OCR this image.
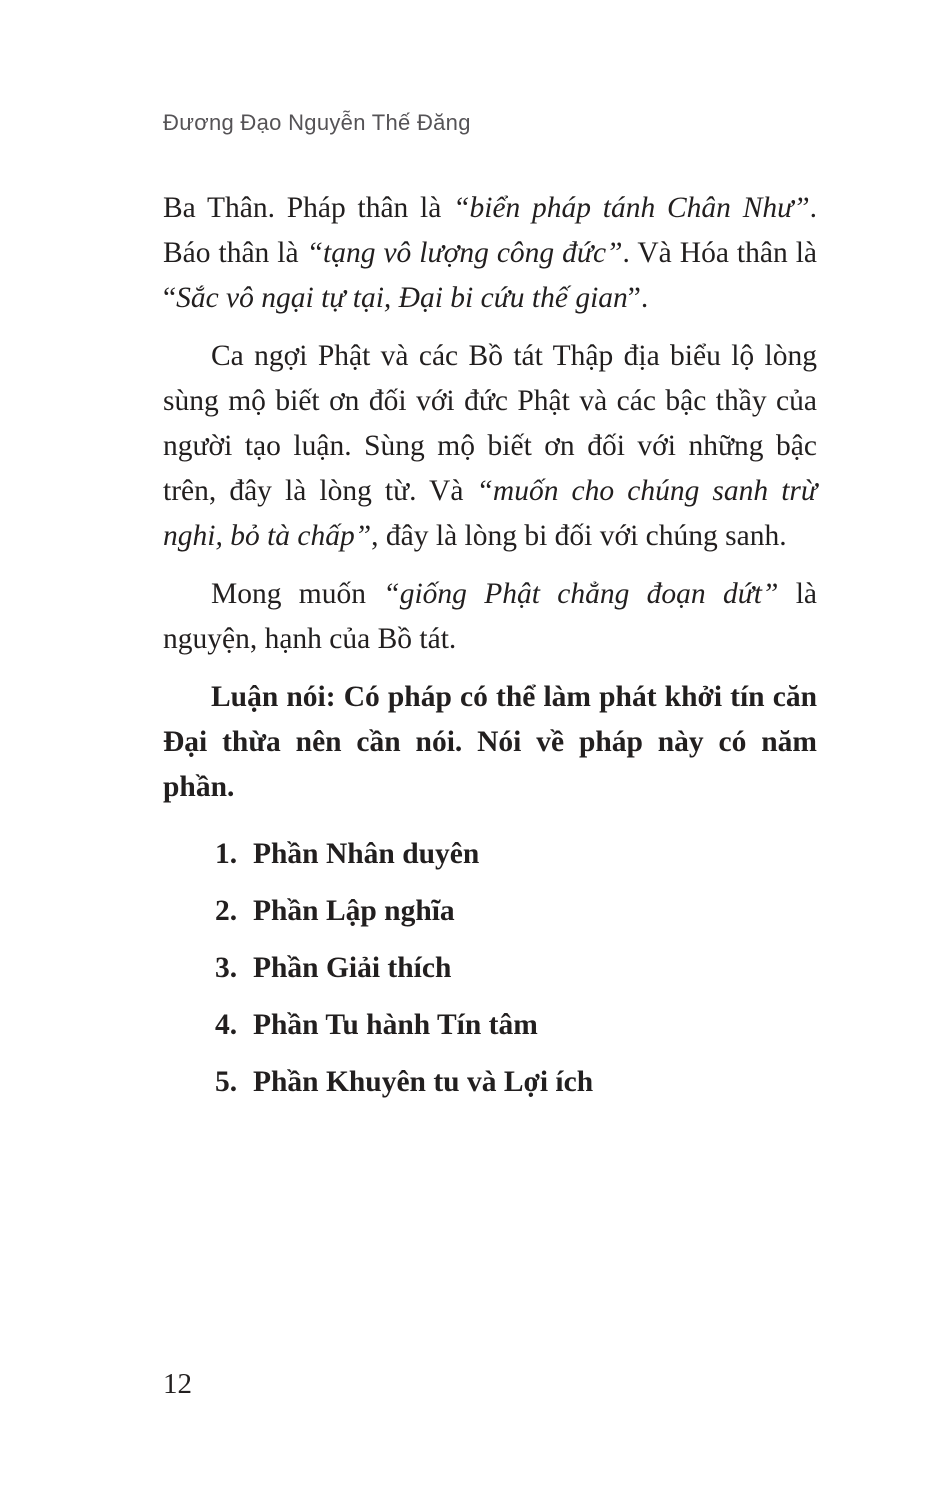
Đương Đạo Nguyễn Thế Đăng

Ba Thân. Pháp thân là “biển pháp tánh Chân Như”. Báo thân là “tạng vô lượng công đức”. Và Hóa thân là “Sắc vô ngại tự tại, Đại bi cứu thế gian”.

Ca ngợi Phật và các Bồ tát Thập địa biểu lộ lòng sùng mộ biết ơn đối với đức Phật và các bậc thầy của người tạo luận. Sùng mộ biết ơn đối với những bậc trên, đây là lòng từ. Và “muốn cho chúng sanh trừ nghi, bỏ tà chấp”, đây là lòng bi đối với chúng sanh.

Mong muốn “giống Phật chẳng đoạn dứt” là nguyện, hạnh của Bồ tát.

Luận nói: Có pháp có thể làm phát khởi tín căn Đại thừa nên cần nói. Nói về pháp này có năm phần.

1. Phần Nhân duyên
2. Phần Lập nghĩa
3. Phần Giải thích
4. Phần Tu hành Tín tâm
5. Phần Khuyên tu và Lợi ích
12
